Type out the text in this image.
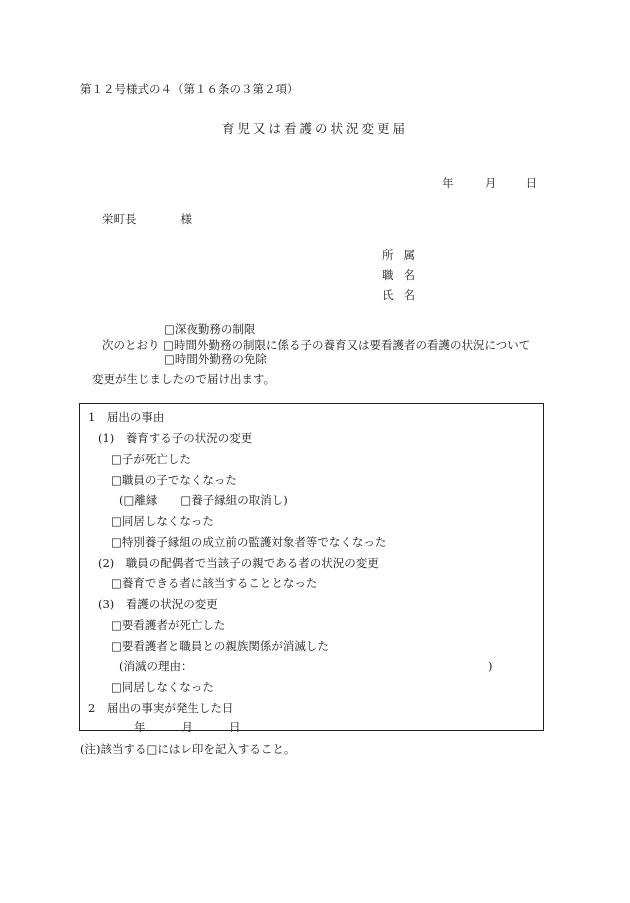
第１２号様式の４（第１６条の３第２項）
育児又は看護の状況変更届
年	月	日
栄町長	様
所属
職名
氏名
□深夜勤務の制限
次のとおり □時間外勤務の制限に係る子の養育又は要看護者の看護の状況について
□時間外勤務の免除
変更が生じましたので届け出ます。
1　届出の事由
(1)　養育する子の状況の変更
□子が死亡した
□職員の子でなくなった
(□離縁　　□養子縁組の取消し)
□同居しなくなった
□特別養子縁組の成立前の監護対象者等でなくなった
(2)　職員の配偶者で当該子の親である者の状況の変更
□養育できる者に該当することとなった
(3)　看護の状況の変更
□要看護者が死亡した
□要看護者と職員との親族関係が消滅した
(消滅の理由：	)
□同居しなくなった
2　届出の事実が発生した日
年	月	日
(注)該当する□にはレ印を記入すること。
